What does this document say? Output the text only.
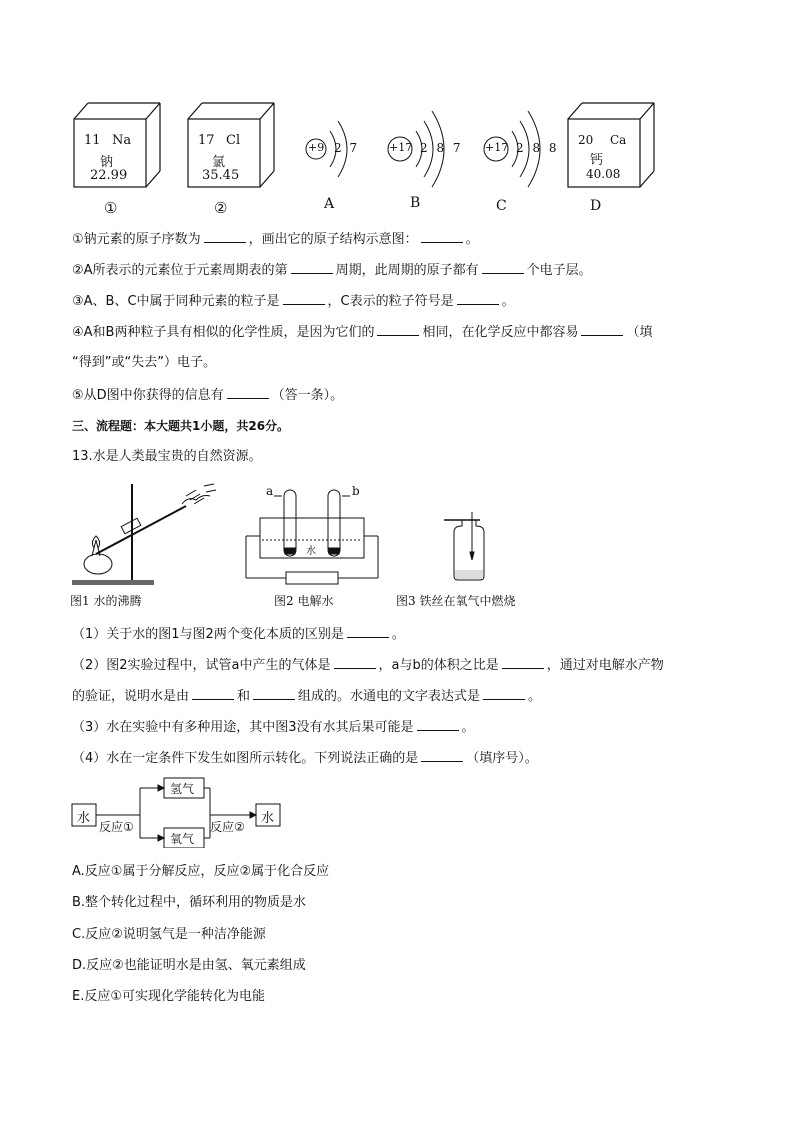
11 Na
钠
22.99
①
17 Cl
氯
35.45
②
+9 2 7
A
+17 2 8 7
B
+17 2 8 8
C
20 Ca
钙
40.08
D
①钠元素的原子序数为	，画出它的原子结构示意图：	。
②A所表示的元素位于元素周期表的第	周期，此周期的原子都有	个电子层。
③A、B、C中属于同种元素的粒子是	，C表示的粒子符号是	。
④A和B两种粒子具有相似的化学性质，是因为它们的	相同，在化学反应中都容易	（填
“得到”或“失去”）电子。
⑤从D图中你获得的信息有	（答一条）。
三、流程题：本大题共1小题，共26分。
13.水是人类最宝贵的自然资源。
a	b
水
图1 水的沸腾	图2 电解水	图3 铁丝在氧气中燃烧
（1）关于水的图1与图2两个变化本质的区别是	。
（2）图2实验过程中，试管a中产生的气体是	，a与b的体积之比是	，通过对电解水产物
的验证，说明水是由	和	组成的。水通电的文字表达式是	。
（3）水在实验中有多种用途，其中图3没有水其后果可能是	。
（4）水在一定条件下发生如图所示转化。下列说法正确的是	（填序号）。
水
反应①
氢气
氧气
反应②
水
A.反应①属于分解反应，反应②属于化合反应
B.整个转化过程中，循环利用的物质是水
C.反应②说明氢气是一种洁净能源
D.反应②也能证明水是由氢、氧元素组成
E.反应①可实现化学能转化为电能
